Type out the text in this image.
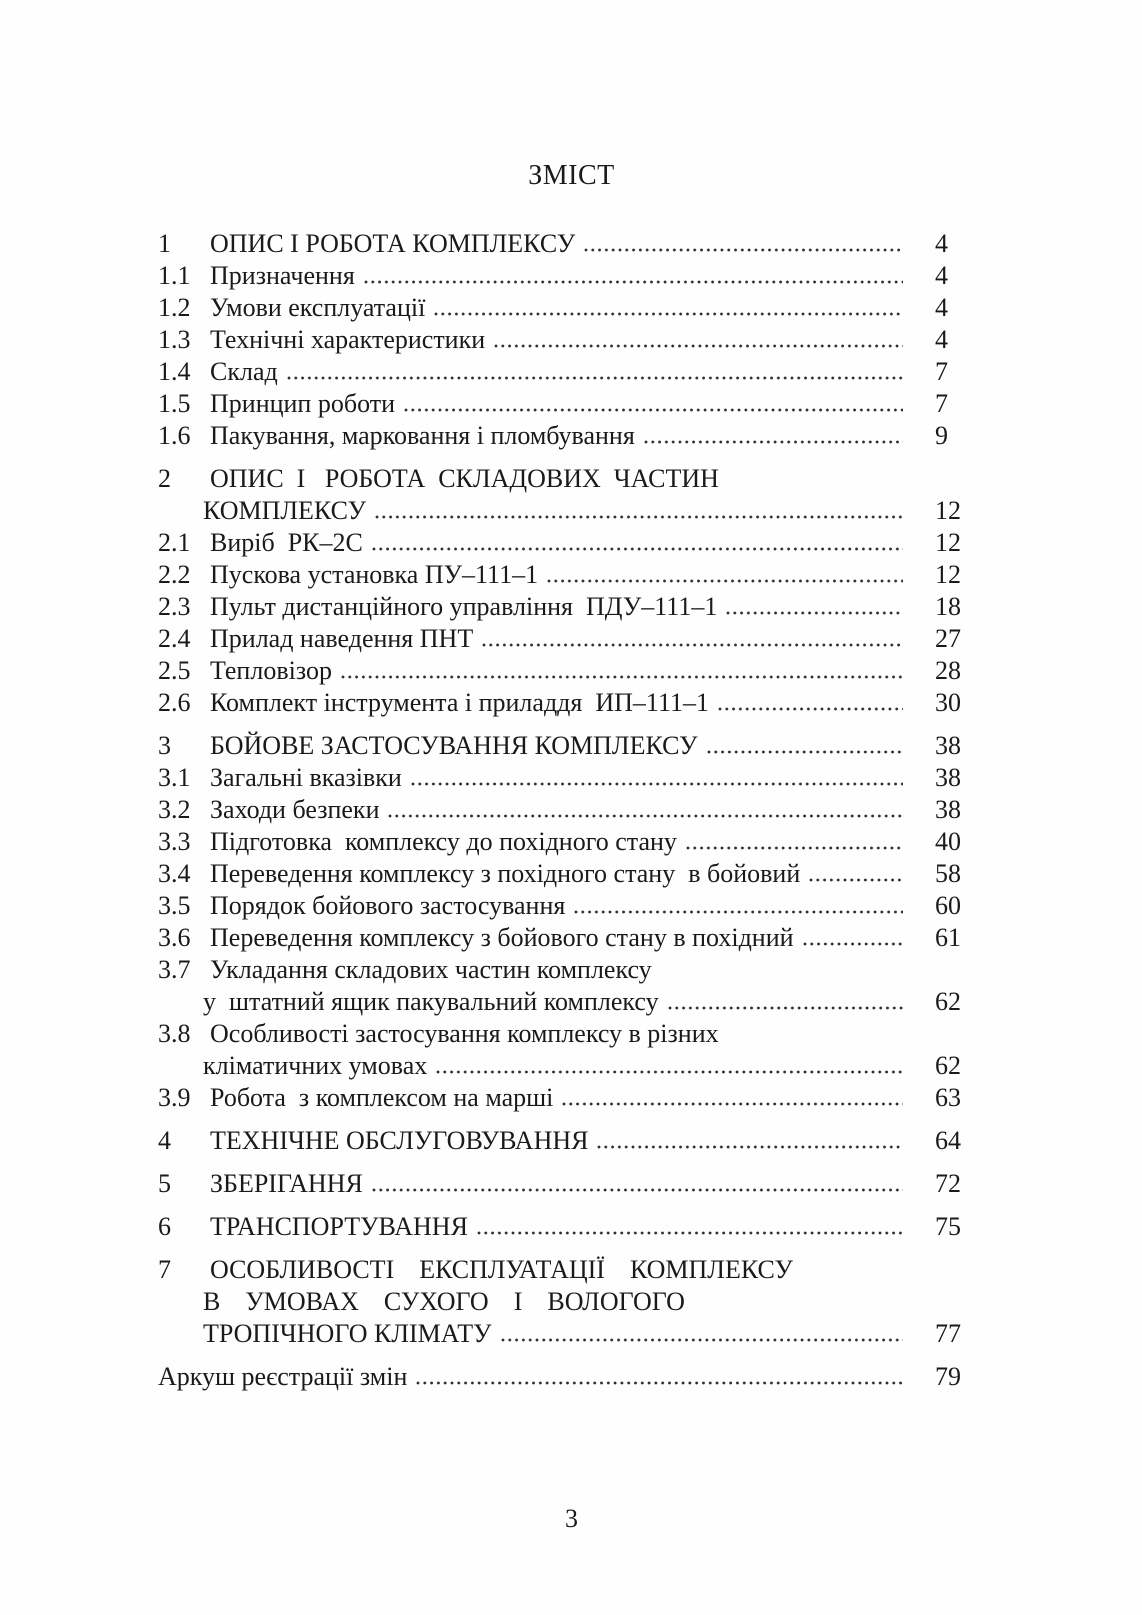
ЗМІСТ
1	ОПИС І РОБОТА КОМПЛЕКСУ	4
1.1 Призначення	4
1.2 Умови експлуатації	4
1.3 Технічні характеристики	4
1.4 Склад	7
1.5 Принцип роботи	7
1.6 Пакування, марковання і пломбування	9
2	ОПИС  І   РОБОТА  СКЛАДОВИХ  ЧАСТИН
КОМПЛЕКСУ	12
2.1 Виріб  РК–2С	12
2.2 Пускова установка ПУ–111–1	12
2.3 Пульт дистанційного управління  ПДУ–111–1	18
2.4 Прилад наведення ПНТ	27
2.5 Тепловізор	28
2.6 Комплект інструмента і приладдя  ИП–111–1	30
3	БОЙОВЕ ЗАСТОСУВАННЯ КОМПЛЕКСУ	38
3.1 Загальні вказівки	38
3.2 Заходи безпеки	38
3.3 Підготовка  комплексу до похідного стану	40
3.4 Переведення комплексу з похідного стану  в бойовий	58
3.5 Порядок бойового застосування	60
3.6 Переведення комплексу з бойового стану в похідний	61
3.7 Укладання складових частин комплексу
у  штатний ящик пакувальний комплексу	62
3.8 Особливості застосування комплексу в різних
кліматичних умовах	62
3.9 Робота  з комплексом на марші	63
4	ТЕХНІЧНЕ ОБСЛУГОВУВАННЯ	64
5	ЗБЕРІГАННЯ	72
6	ТРАНСПОРТУВАННЯ	75
7	ОСОБЛИВОСТІ  ЕКСПЛУАТАЦІЇ  КОМПЛЕКСУ
В  УМОВАХ  СУХОГО  І  ВОЛОГОГО
ТРОПІЧНОГО КЛІМАТУ	77
Аркуш реєстрації змін	79
3
